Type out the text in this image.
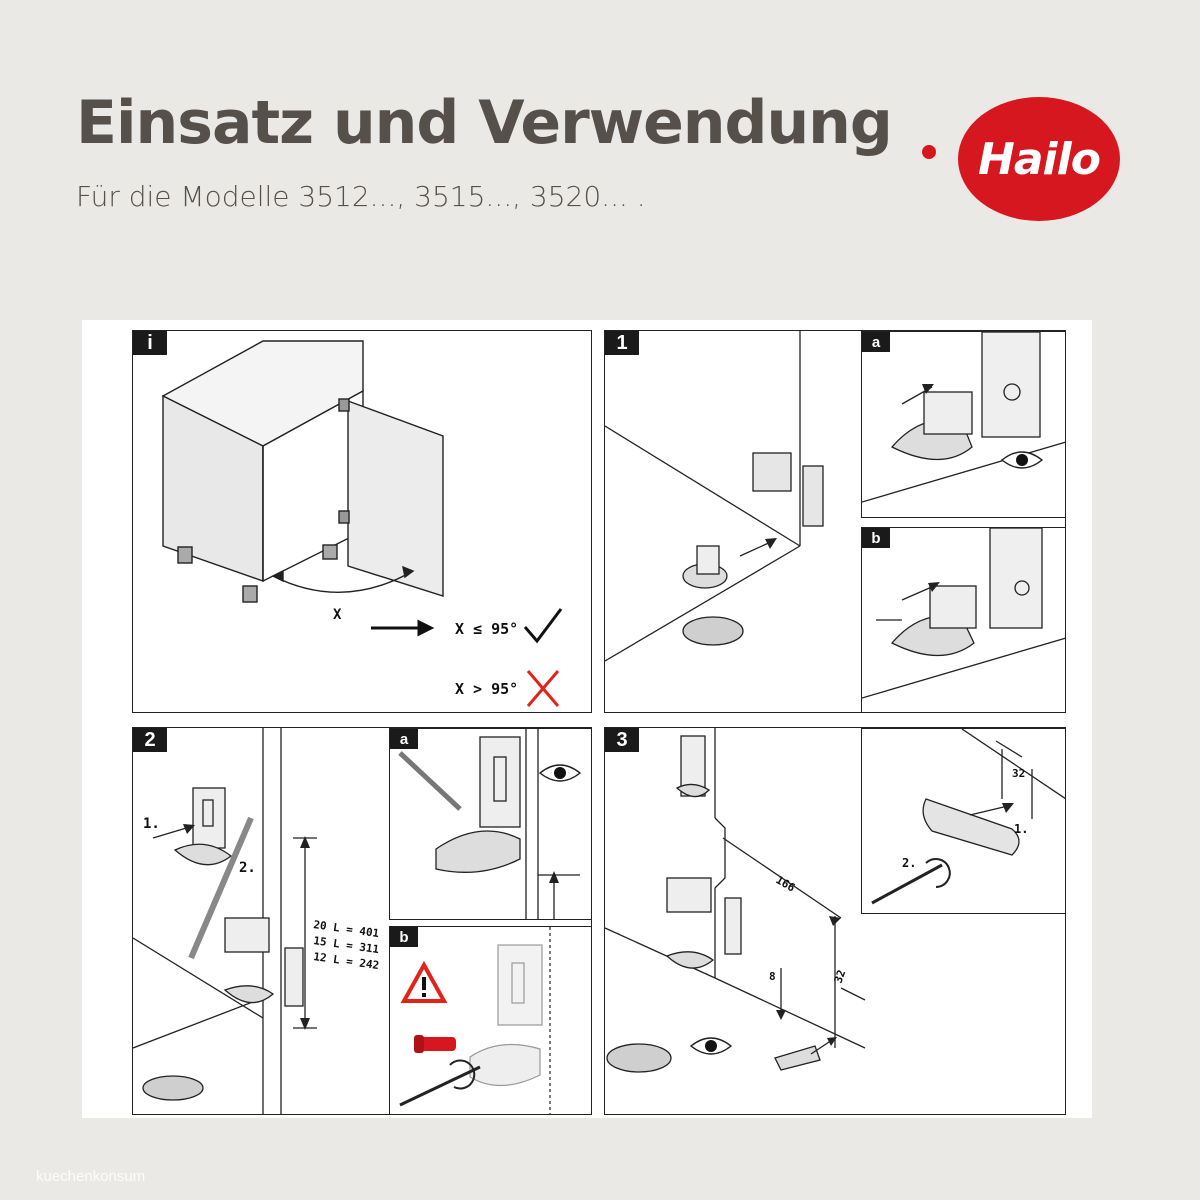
Einsatz und Verwendung
Für die Modelle 3512..., 3515..., 3520... .
Hailo
i
X
X ≤ 95°
X > 95°
1	a
b
2
1.
2.
20 L = 401
15 L = 311
12 L = 242
a
b
3
166
8	32
32
1.
2.
kuechenkonsum
